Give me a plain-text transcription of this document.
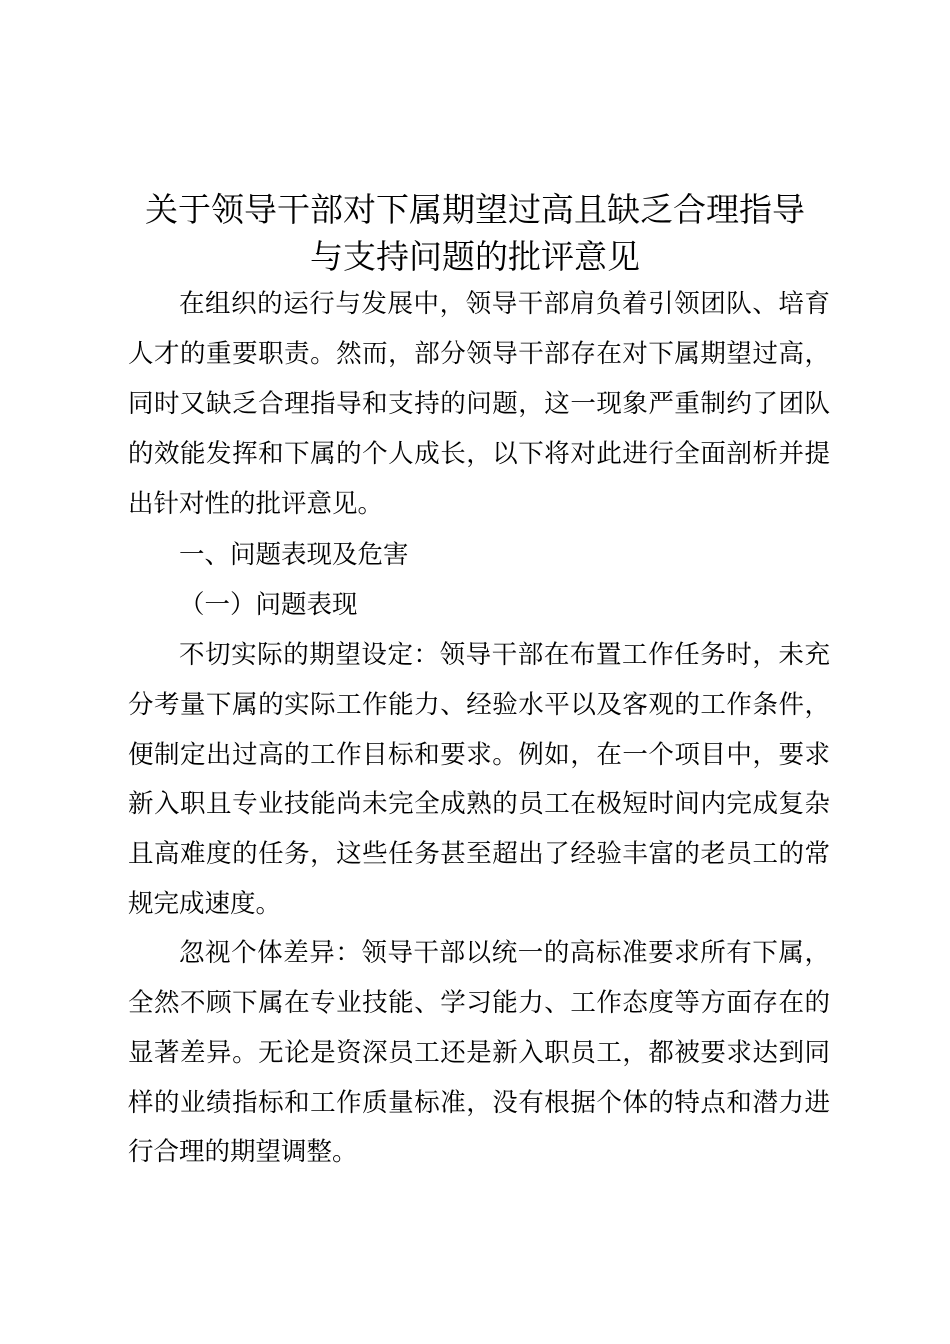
关于领导干部对下属期望过高且缺乏合理指导
与支持问题的批评意见

在组织的运行与发展中，领导干部肩负着引领团队、培育

人才的重要职责。然而，部分领导干部存在对下属期望过高，

同时又缺乏合理指导和支持的问题，这一现象严重制约了团队

的效能发挥和下属的个人成长，以下将对此进行全面剖析并提

出针对性的批评意见。

一、问题表现及危害

（一）问题表现

不切实际的期望设定：领导干部在布置工作任务时，未充

分考量下属的实际工作能力、经验水平以及客观的工作条件，

便制定出过高的工作目标和要求。例如，在一个项目中，要求

新入职且专业技能尚未完全成熟的员工在极短时间内完成复杂

且高难度的任务，这些任务甚至超出了经验丰富的老员工的常

规完成速度。

忽视个体差异：领导干部以统一的高标准要求所有下属，

全然不顾下属在专业技能、学习能力、工作态度等方面存在的

显著差异。无论是资深员工还是新入职员工，都被要求达到同

样的业绩指标和工作质量标准，没有根据个体的特点和潜力进

行合理的期望调整。
